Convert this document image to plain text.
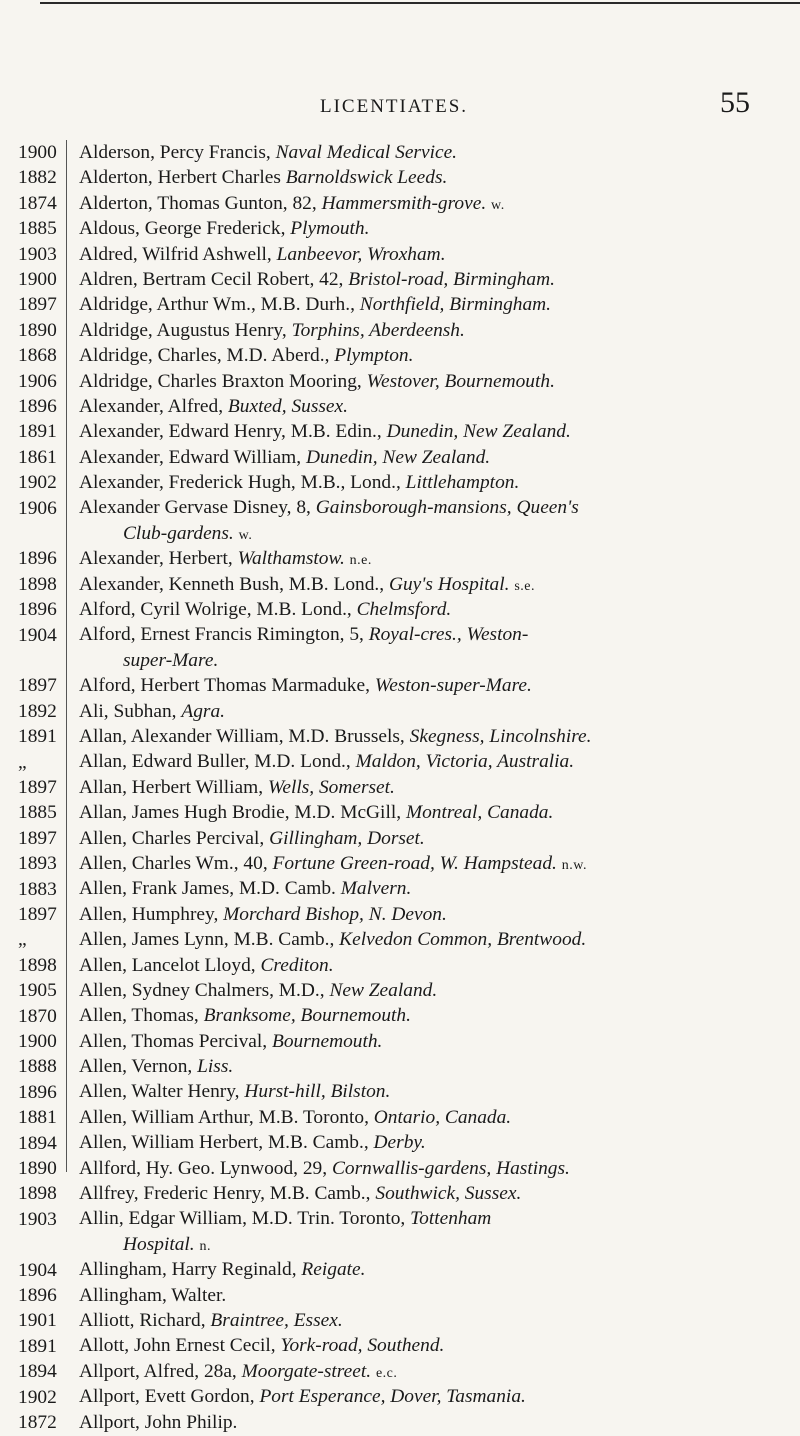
LICENTIATES.	55
1900
1882
1874
1885
1903
1900
1897
1890
1868
1906
1896
1891
1861
1902
1906
1896
1898
1896
1904
1897
1892
1891
„
1897
1885
1897
1893
1883
1897
„
1898
1905
1870
1900
1888
1896
1881
1894
1890
1898
1903
1904
1896
1901
1891
1894
1902
1872
Alderson, Percy Francis, Naval Medical Service.
Alderton, Herbert Charles Barnoldswick Leeds.
Alderton, Thomas Gunton, 82, Hammersmith-grove. w.
Aldous, George Frederick, Plymouth.
Aldred, Wilfrid Ashwell, Lanbeevor, Wroxham.
Aldren, Bertram Cecil Robert, 42, Bristol-road, Birmingham.
Aldridge, Arthur Wm., M.B. Durh., Northfield, Birmingham.
Aldridge, Augustus Henry, Torphins, Aberdeensh.
Aldridge, Charles, M.D. Aberd., Plympton.
Aldridge, Charles Braxton Mooring, Westover, Bournemouth.
Alexander, Alfred, Buxted, Sussex.
Alexander, Edward Henry, M.B. Edin., Dunedin, New Zealand.
Alexander, Edward William, Dunedin, New Zealand.
Alexander, Frederick Hugh, M.B., Lond., Littlehampton.
Alexander Gervase Disney, 8, Gainsborough-mansions, Queen's
Club-gardens. w.
Alexander, Herbert, Walthamstow. n.e.
Alexander, Kenneth Bush, M.B. Lond., Guy's Hospital. s.e.
Alford, Cyril Wolrige, M.B. Lond., Chelmsford.
Alford, Ernest Francis Rimington, 5, Royal-cres., Weston-
super-Mare.
Alford, Herbert Thomas Marmaduke, Weston-super-Mare.
Ali, Subhan, Agra.
Allan, Alexander William, M.D. Brussels, Skegness, Lincolnshire.
Allan, Edward Buller, M.D. Lond., Maldon, Victoria, Australia.
Allan, Herbert William, Wells, Somerset.
Allan, James Hugh Brodie, M.D. McGill, Montreal, Canada.
Allen, Charles Percival, Gillingham, Dorset.
Allen, Charles Wm., 40, Fortune Green-road, W. Hampstead. n.w.
Allen, Frank James, M.D. Camb. Malvern.
Allen, Humphrey, Morchard Bishop, N. Devon.
Allen, James Lynn, M.B. Camb., Kelvedon Common, Brentwood.
Allen, Lancelot Lloyd, Crediton.
Allen, Sydney Chalmers, M.D., New Zealand.
Allen, Thomas, Branksome, Bournemouth.
Allen, Thomas Percival, Bournemouth.
Allen, Vernon, Liss.
Allen, Walter Henry, Hurst-hill, Bilston.
Allen, William Arthur, M.B. Toronto, Ontario, Canada.
Allen, William Herbert, M.B. Camb., Derby.
Allford, Hy. Geo. Lynwood, 29, Cornwallis-gardens, Hastings.
Allfrey, Frederic Henry, M.B. Camb., Southwick, Sussex.
Allin, Edgar William, M.D. Trin. Toronto, Tottenham
Hospital. n.
Allingham, Harry Reginald, Reigate.
Allingham, Walter.
Alliott, Richard, Braintree, Essex.
Allott, John Ernest Cecil, York-road, Southend.
Allport, Alfred, 28a, Moorgate-street. e.c.
Allport, Evett Gordon, Port Esperance, Dover, Tasmania.
Allport, John Philip.
